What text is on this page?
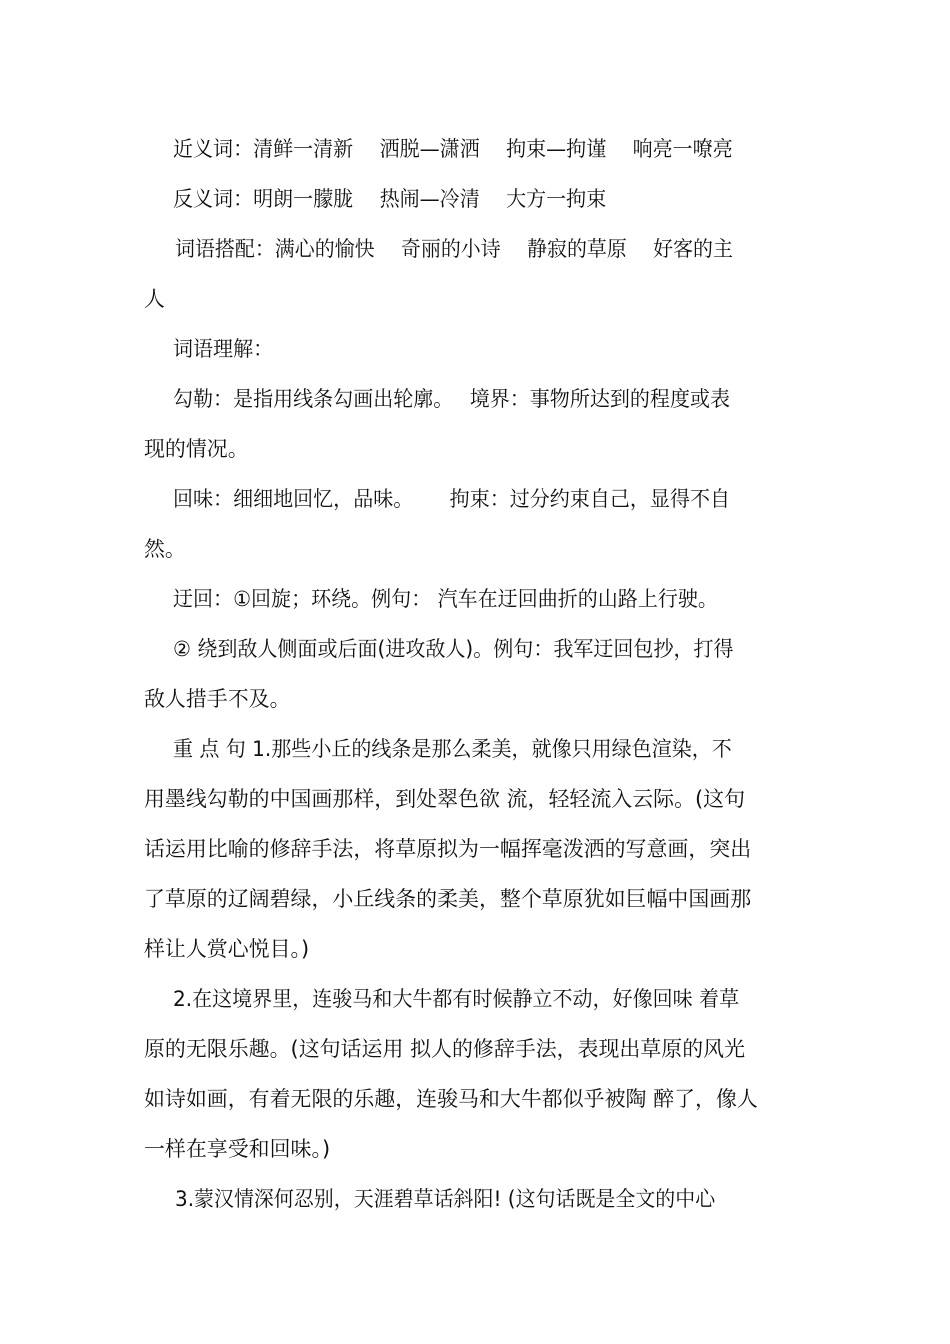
近义词：清鲜一清新　 洒脱—潇洒　 拘束—拘谨　 响亮一嘹亮
反义词：明朗一朦胧　 热闹—冷清　 大方一拘束
词语搭配：满心的愉快　 奇丽的小诗　 静寂的草原　 好客的主
人
词语理解：
勾勒：是指用线条勾画出轮廓。　 境界：事物所达到的程度或表
现的情况。
回味：细细地回忆，品味。　　 拘束：过分约束自己，显得不自
然。
迂回：①回旋；环绕。例句： 汽车在迂回曲折的山路上行驶。
② 绕到敌人侧面或后面(进攻敌人)。例句：我军迂回包抄，打得
敌人措手不及。
重 点 句 1.那些小丘的线条是那么柔美，就像只用绿色渲染，不
用墨线勾勒的中国画那样，到处翠色欲 流，轻轻流入云际。(这句
话运用比喻的修辞手法，将草原拟为一幅挥毫泼洒的写意画，突出
了草原的辽阔碧绿，小丘线条的柔美，整个草原犹如巨幅中国画那
样让人赏心悦目。)
2.在这境界里，连骏马和大牛都有时候静立不动，好像回味 着草
原的无限乐趣。(这句话运用 拟人的修辞手法，表现出草原的风光
如诗如画，有着无限的乐趣，连骏马和大牛都似乎被陶 醉了，像人
一样在享受和回味。)
3.蒙汉情深何忍别，天涯碧草话斜阳! (这句话既是全文的中心
